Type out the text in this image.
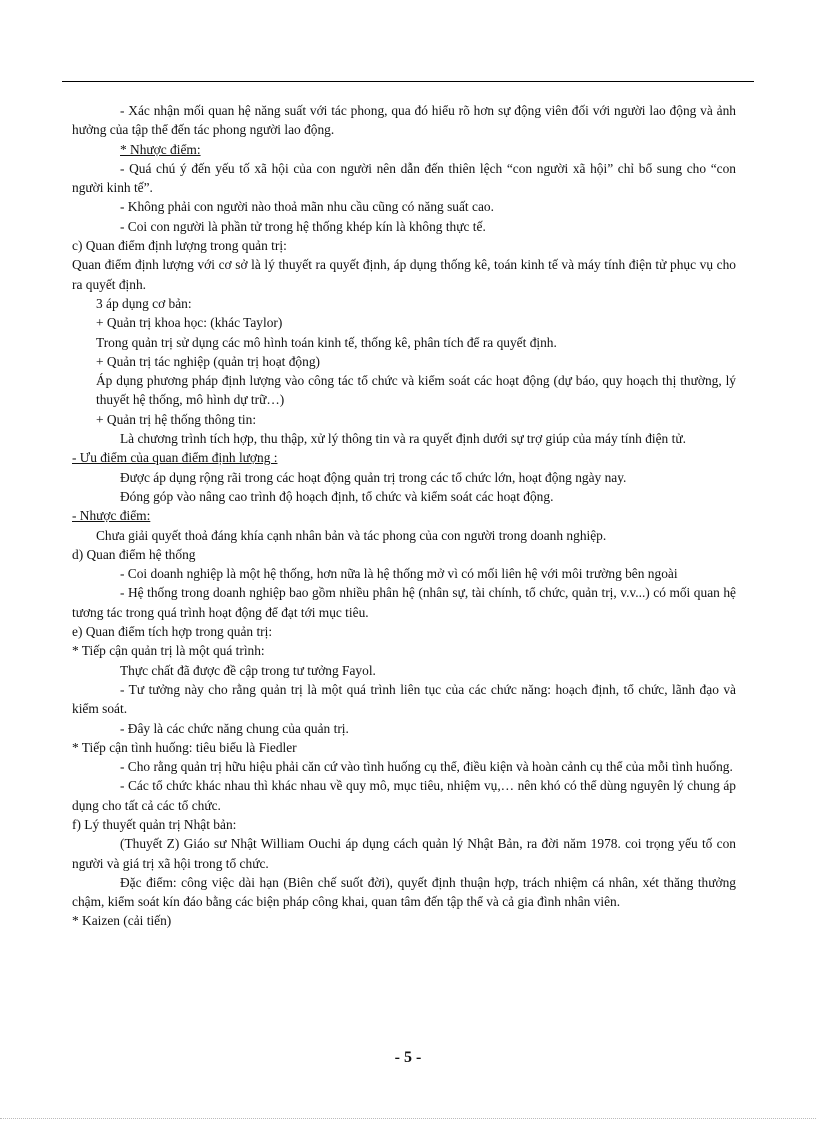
- Xác nhận mối quan hệ năng suất với tác phong, qua đó hiểu rõ hơn sự động viên đối với người lao động và ảnh hưởng của tập thể đến tác phong người lao động.

* Nhược điểm:

- Quá chú ý đến yếu tố xã hội của con người nên dẫn đến thiên lệch “con người xã hội” chỉ bổ sung cho “con người kinh tế”.

- Không phải con người nào thoả mãn nhu cầu cũng có năng suất cao.

- Coi con người là phần tử trong hệ thống khép kín là không thực tế.

c) Quan điểm định lượng trong quản trị:

Quan điểm định lượng với cơ sở là lý thuyết ra quyết định, áp dụng thống kê, toán kinh tế và máy tính điện tử phục vụ cho ra quyết định.

3 áp dụng cơ bản:

+ Quản trị khoa học: (khác Taylor)

Trong quản trị sử dụng các mô hình toán kinh tế, thống kê, phân tích để ra quyết định.

+ Quản trị tác nghiệp (quản trị hoạt động)

Áp dụng phương pháp định lượng vào công tác tổ chức và kiểm soát các hoạt động (dự báo, quy hoạch thị thường, lý thuyết hệ thống, mô hình dự trữ…)

+ Quản trị hệ thống thông tin:

Là chương trình tích hợp, thu thập, xử lý thông tin và ra quyết định dưới sự trợ giúp của máy tính điện tử.

- Ưu điểm của quan điểm định lượng :

Được áp dụng rộng rãi trong các hoạt động quản trị trong các tổ chức lớn, hoạt động ngày nay.

Đóng góp vào nâng cao trình độ hoạch định, tổ chức và kiểm soát các hoạt động.

- Nhược điểm:

Chưa giải quyết thoả đáng khía cạnh nhân bản và tác phong của con người trong doanh nghiệp.

d) Quan điểm hệ thống

- Coi doanh nghiệp là một hệ thống, hơn nữa là hệ thống mở vì có mối liên hệ với môi trường bên ngoài

- Hệ thống trong doanh nghiệp bao gồm nhiều phân hệ (nhân sự, tài chính, tổ chức, quản trị, v.v...) có mối quan hệ tương tác trong quá trình hoạt động để đạt tới mục tiêu.

e) Quan điểm tích hợp trong quản trị:

* Tiếp cận quản trị là một quá trình:

Thực chất đã được đề cập trong tư tưởng Fayol.

- Tư tưởng này cho rằng quản trị là một quá trình liên tục của các chức năng: hoạch định, tổ chức, lãnh đạo và kiểm soát.

- Đây là các chức năng chung của quản trị.

* Tiếp cận tình huống: tiêu biểu là Fiedler

- Cho rằng quản trị hữu hiệu phải căn cứ vào tình huống cụ thể, điều kiện và hoàn cảnh cụ thể của mỗi tình huống.

- Các tổ chức khác nhau thì khác nhau về quy mô, mục tiêu, nhiệm vụ,… nên khó có thể dùng nguyên lý chung áp dụng cho tất cả các tổ chức.

f) Lý thuyết quản trị Nhật bản:

(Thuyết Z) Giáo sư Nhật William Ouchi áp dụng cách quản lý Nhật Bản, ra đời năm 1978. coi trọng yếu tố con người và giá trị xã hội trong tổ chức.

Đặc điểm: công việc dài hạn (Biên chế suốt đời), quyết định thuận hợp, trách nhiệm cá nhân, xét thăng thưởng chậm, kiểm soát kín đáo bằng các biện pháp công khai, quan tâm đến tập thể và cả gia đình nhân viên.

* Kaizen (cải tiến)

- 5 -
